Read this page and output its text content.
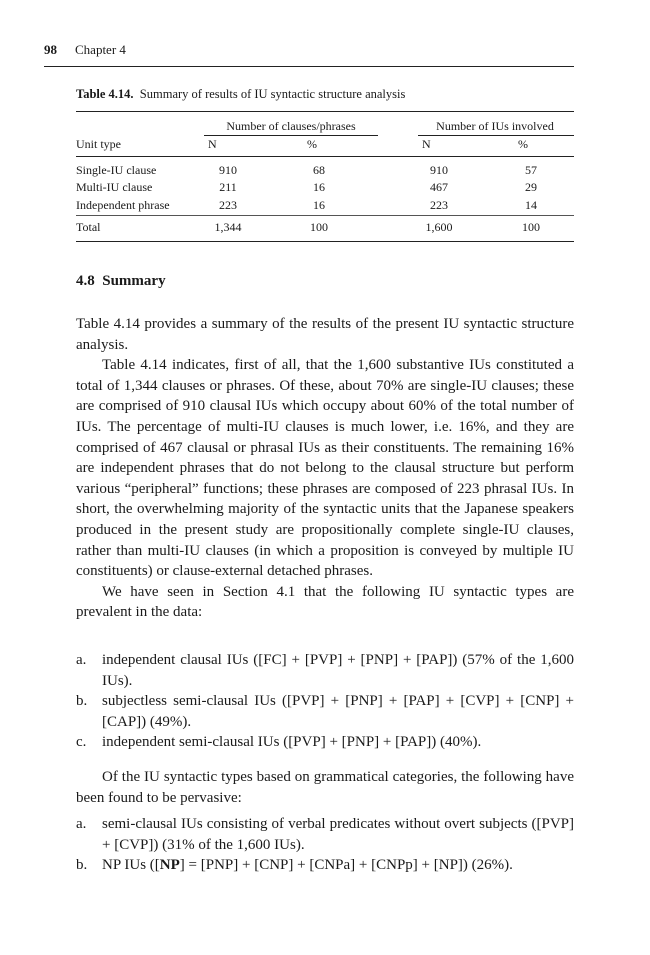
98 Chapter 4
Table 4.14. Summary of results of IU syntactic structure analysis
Number of clauses/phrases	Number of IUs involved
Unit type	N	%	N	%
Single-IU clause	910	68	910	57
Multi-IU clause	211	16	467	29
Independent phrase	223	16	223	14
Total	1,344	100	1,600	100
4.8 Summary

Table 4.14 provides a summary of the results of the present IU syntactic structure analysis.

Table 4.14 indicates, first of all, that the 1,600 substantive IUs constituted a total of 1,344 clauses or phrases. Of these, about 70% are single-IU clauses; these are comprised of 910 clausal IUs which occupy about 60% of the total number of IUs. The percentage of multi-IU clauses is much lower, i.e. 16%, and they are comprised of 467 clausal or phrasal IUs as their constituents. The remaining 16% are independent phrases that do not belong to the clausal structure but perform various “peripheral” functions; these phrases are composed of 223 phrasal IUs. In short, the overwhelming majority of the syntactic units that the Japanese speakers produced in the present study are propositionally complete single-IU clauses, rather than multi-IU clauses (in which a proposition is conveyed by multiple IU constituents) or clause-external detached phrases.

We have seen in Section 4.1 that the following IU syntactic types are prevalent in the data:

a. independent clausal IUs ([FC] + [PVP] + [PNP] + [PAP]) (57% of the 1,600 IUs).
b. subjectless semi-clausal IUs ([PVP] + [PNP] + [PAP] + [CVP] + [CNP] + [CAP]) (49%).
c. independent semi-clausal IUs ([PVP] + [PNP] + [PAP]) (40%).

Of the IU syntactic types based on grammatical categories, the following have been found to be pervasive:

a. semi-clausal IUs consisting of verbal predicates without overt subjects ([PVP] + [CVP]) (31% of the 1,600 IUs).
b. NP IUs ([NP] = [PNP] + [CNP] + [CNPa] + [CNPp] + [NP]) (26%).
